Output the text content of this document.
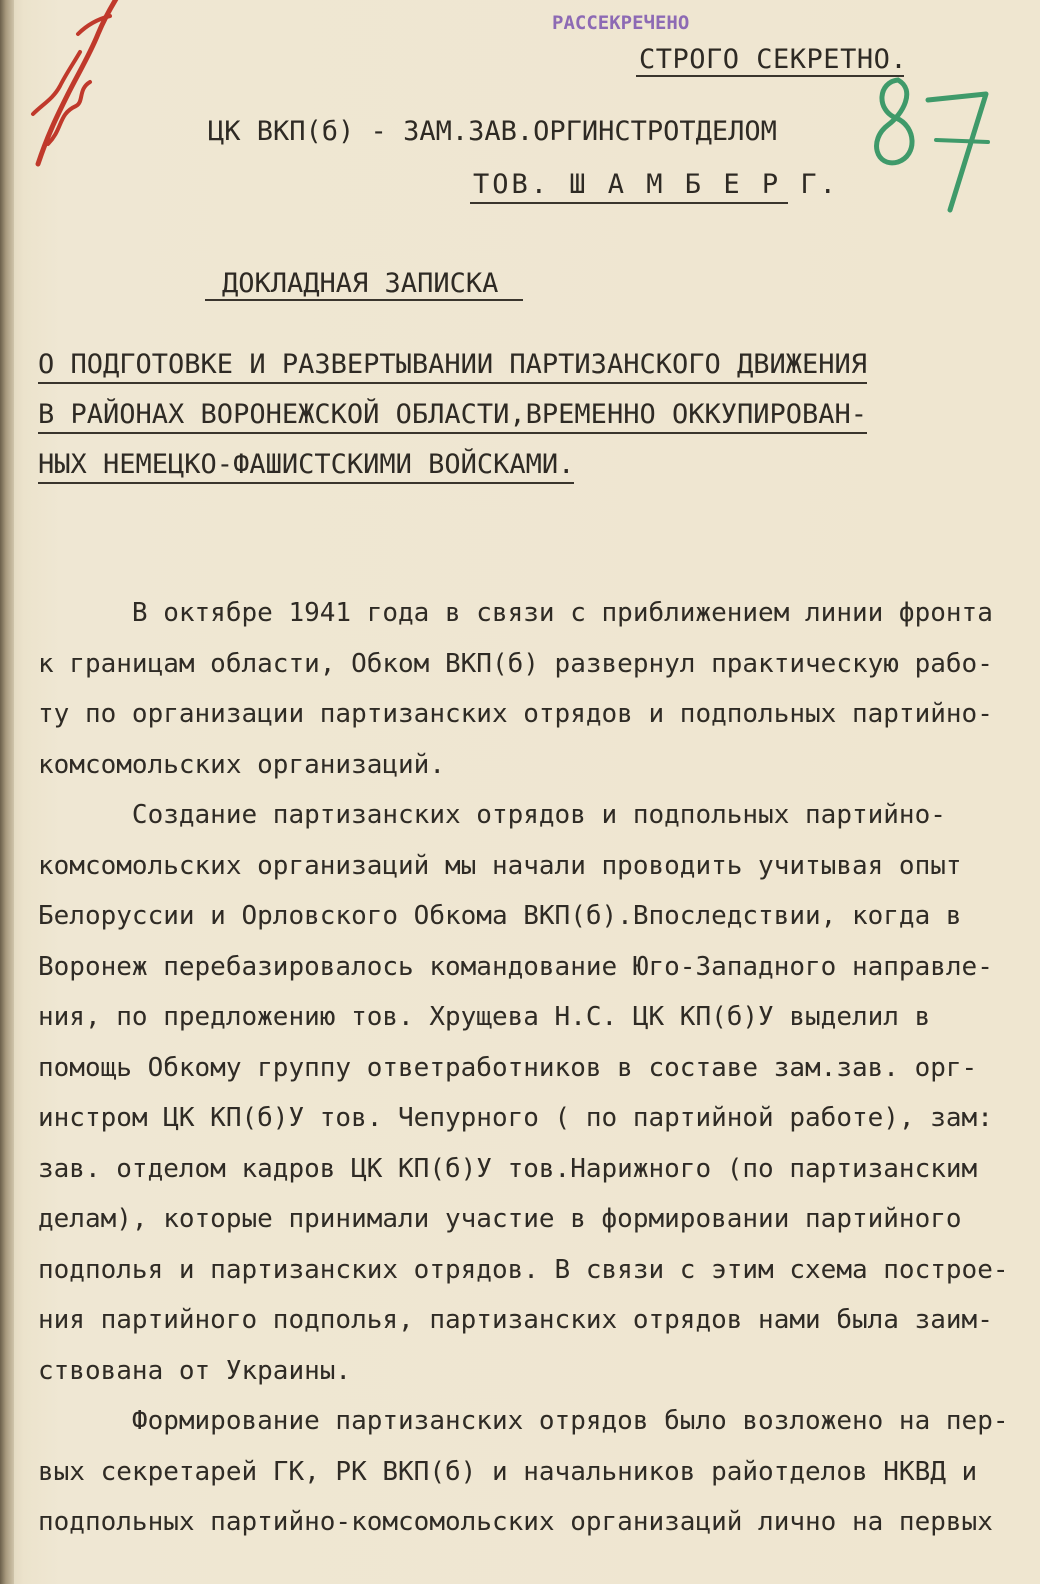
РАССЕКРЕЧЕНО
СТРОГО СЕКРЕТНО.
ЦК ВКП(б) - ЗАМ.ЗАВ.ОРГИНСТРОТДЕЛОМ
ТОВ. Ш А М Б Е Р Г.
ДОКЛАДНАЯ ЗАПИСКА
О ПОДГОТОВКЕ И РАЗВЕРТЫВАНИИ ПАРТИЗАНСКОГО ДВИЖЕНИЯ
В РАЙОНАХ ВОРОНЕЖСКОЙ ОБЛАСТИ,ВРЕМЕННО ОККУПИРОВАН-
НЫХ НЕМЕЦКО-ФАШИСТСКИМИ ВОЙСКАМИ.
В октябре 1941 года в связи с приближением линии фронта
к границам области, Обком ВКП(б) развернул практическую рабо-
ту по организации партизанских отрядов и подпольных партийно-
комсомольских организаций.
Создание партизанских отрядов и подпольных партийно-
комсомольских организаций мы начали проводить учитывая опыт
Белоруссии и Орловского Обкома ВКП(б).Впоследствии, когда в
Воронеж перебазировалось командование Юго-Западного направле-
ния, по предложению тов. Хрущева Н.С. ЦК КП(б)У выделил в
помощь Обкому группу ответработников в составе зам.зав. орг-
инстром ЦК КП(б)У тов. Чепурного ( по партийной работе), зам:
зав. отделом кадров ЦК КП(б)У тов.Нарижного (по партизанским
делам), которые принимали участие в формировании партийного
подполья и партизанских отрядов. В связи с этим схема построе-
ния партийного подполья, партизанских отрядов нами была заим-
ствована от Украины.
Формирование партизанских отрядов было возложено на пер-
вых секретарей ГК, РК ВКП(б) и начальников райотделов НКВД и
подпольных партийно-комсомольских организаций лично на первых
